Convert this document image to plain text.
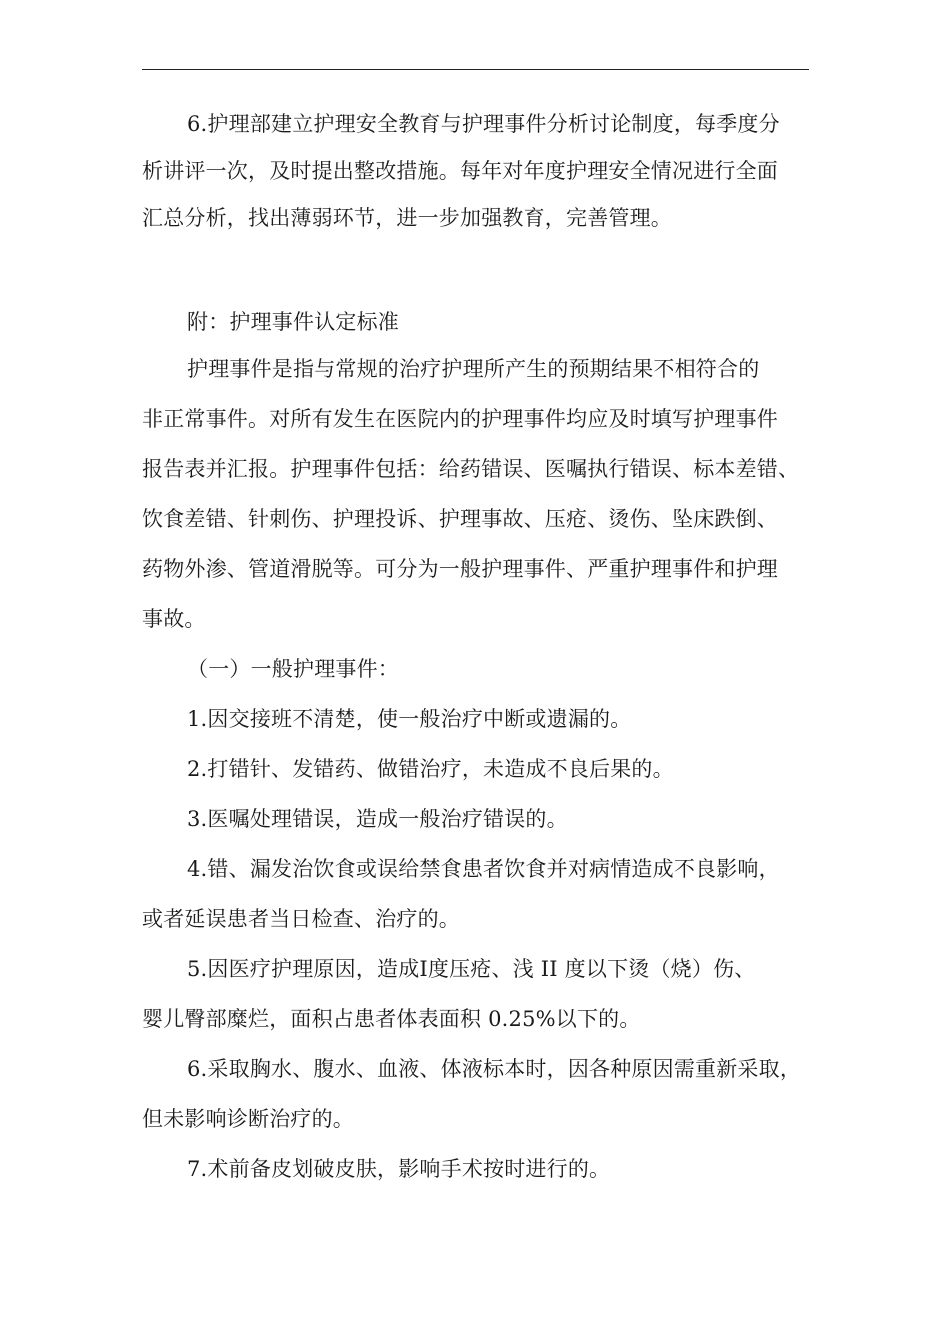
6.护理部建立护理安全教育与护理事件分析讨论制度，每季度分
析讲评一次，及时提出整改措施。每年对年度护理安全情况进行全面
汇总分析，找出薄弱环节，进一步加强教育，完善管理。
附：护理事件认定标准
护理事件是指与常规的治疗护理所产生的预期结果不相符合的
非正常事件。对所有发生在医院内的护理事件均应及时填写护理事件
报告表并汇报。护理事件包括：给药错误、医嘱执行错误、标本差错、
饮食差错、针刺伤、护理投诉、护理事故、压疮、烫伤、坠床跌倒、
药物外渗、管道滑脱等。可分为一般护理事件、严重护理事件和护理
事故。
（一）一般护理事件：
1.因交接班不清楚，使一般治疗中断或遗漏的。
2.打错针、发错药、做错治疗，未造成不良后果的。
3.医嘱处理错误，造成一般治疗错误的。
4.错、漏发治饮食或误给禁食患者饮食并对病情造成不良影响，
或者延误患者当日检查、治疗的。
5.因医疗护理原因，造成Ⅰ度压疮、浅 II 度以下烫（烧）伤、
婴儿臀部糜烂，面积占患者体表面积 0.25%以下的。
6.采取胸水、腹水、血液、体液标本时，因各种原因需重新采取，
但未影响诊断治疗的。
7.术前备皮划破皮肤，影响手术按时进行的。
